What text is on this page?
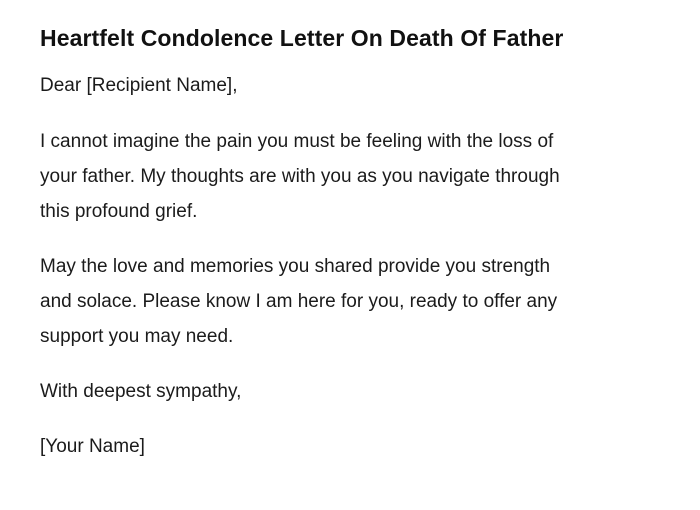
Heartfelt Condolence Letter On Death Of Father
Dear [Recipient Name],
I cannot imagine the pain you must be feeling with the loss of
your father. My thoughts are with you as you navigate through
this profound grief.
May the love and memories you shared provide you strength
and solace. Please know I am here for you, ready to offer any
support you may need.
With deepest sympathy,
[Your Name]
